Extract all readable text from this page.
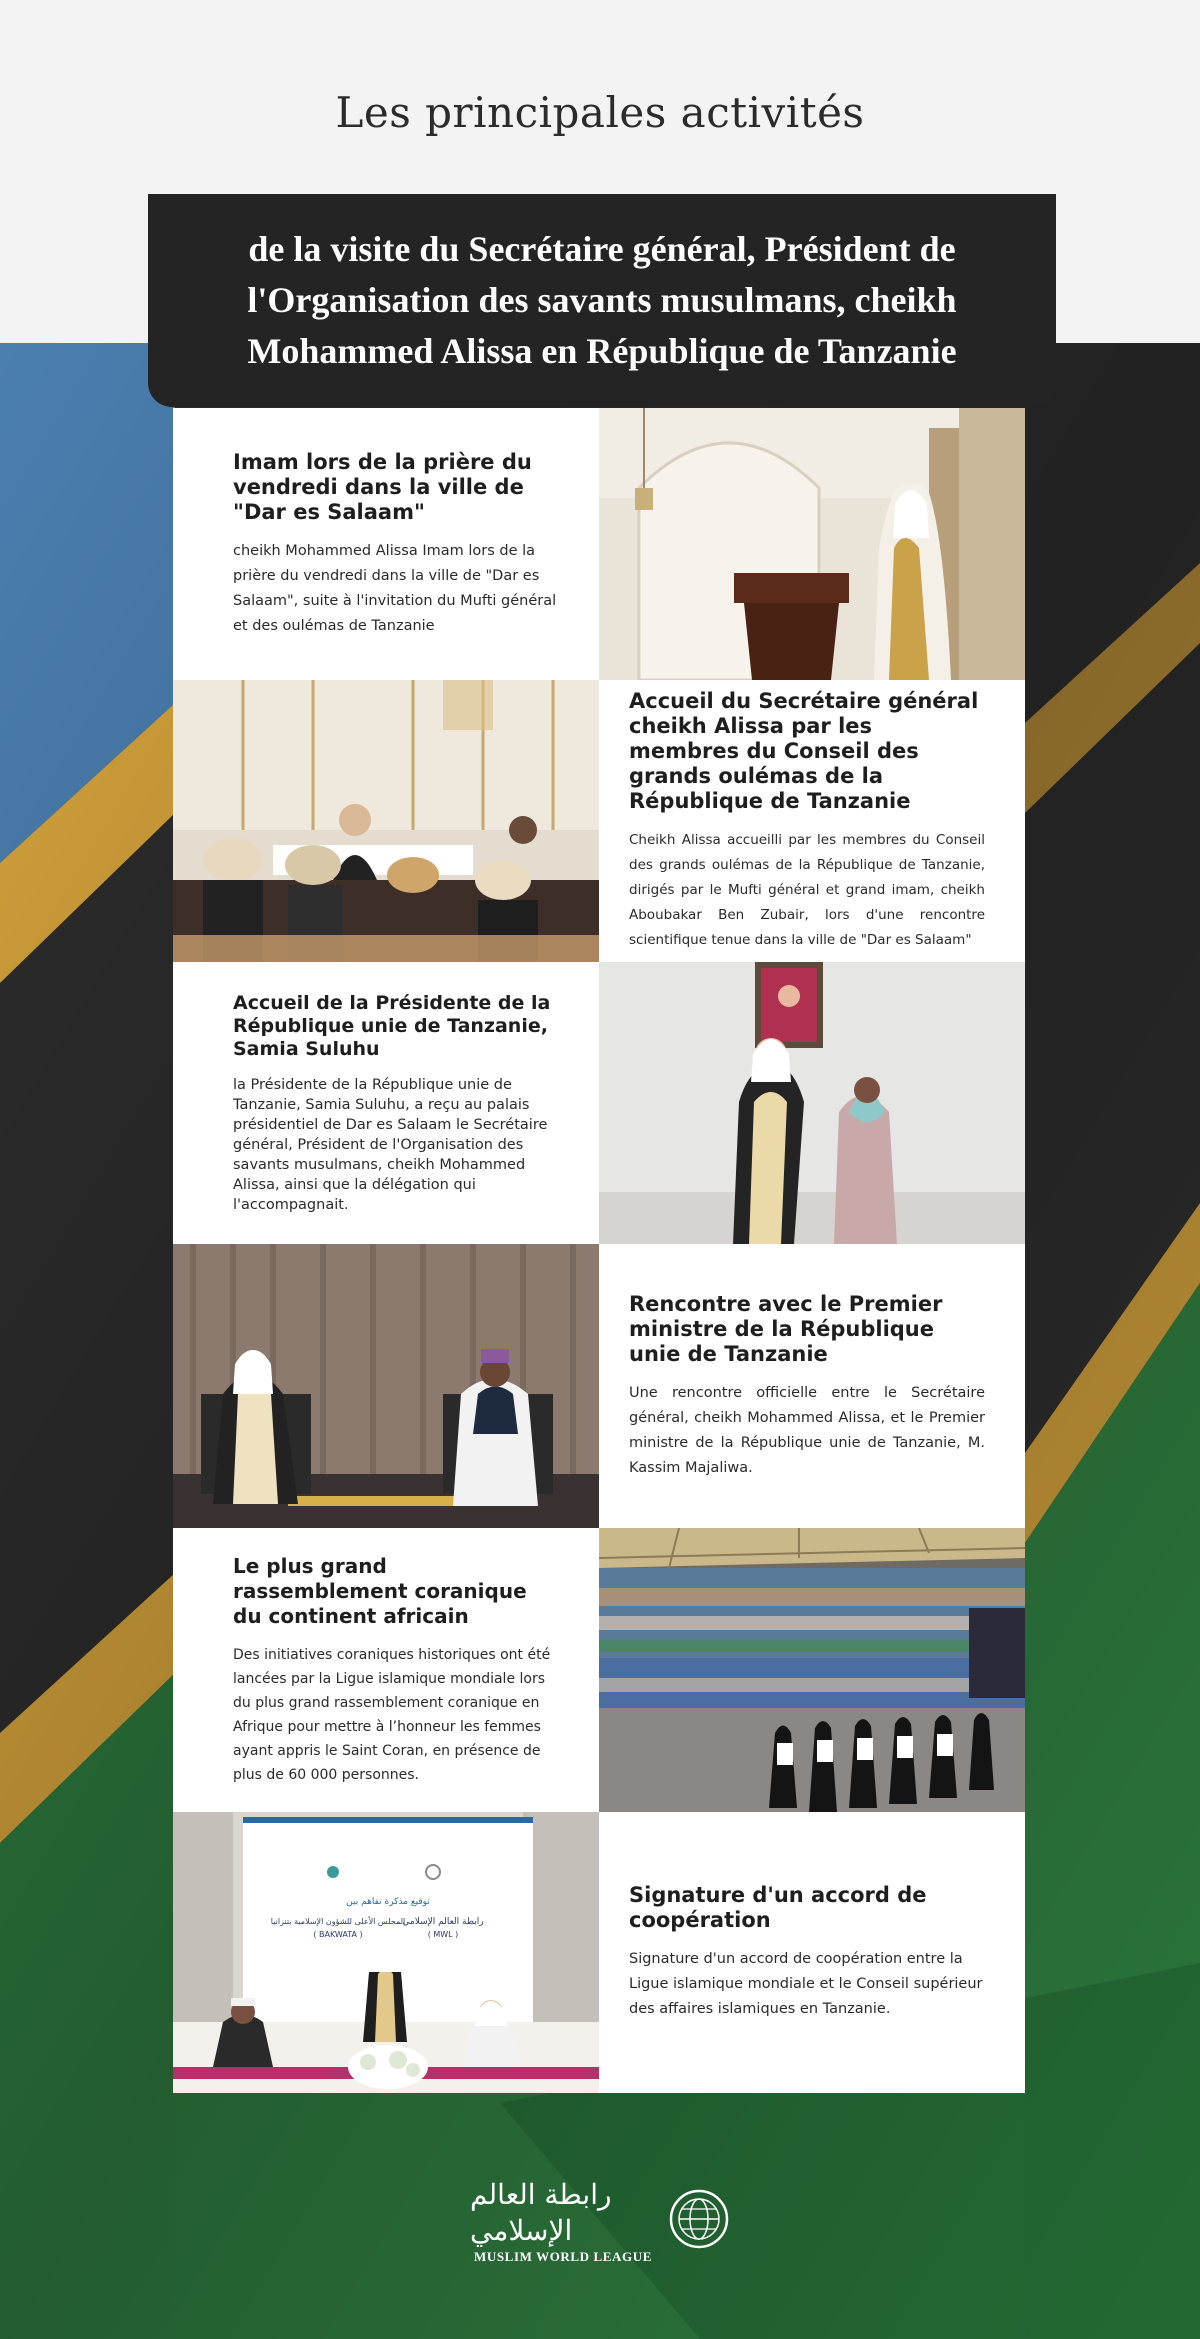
Les principales activités
de la visite du Secrétaire général, Président de l'Organisation des savants musulmans, cheikh Mohammed Alissa en République de Tanzanie
Imam lors de la prière du vendredi dans la ville de "Dar es Salaam"

cheikh Mohammed Alissa Imam lors de la prière du vendredi dans la ville de "Dar es Salaam", suite à l'invitation du Mufti général et des oulémas de Tanzanie

Accueil du Secrétaire général cheikh Alissa par les membres du Conseil des grands oulémas de la République de Tanzanie

Cheikh Alissa accueilli par les membres du Conseil des grands oulémas de la République de Tanzanie, dirigés par le Mufti général et grand imam, cheikh Aboubakar Ben Zubair, lors d'une rencontre scientifique tenue dans la ville de "Dar es Salaam"

Accueil de la Présidente de la République unie de Tanzanie, Samia Suluhu

la Présidente de la République unie de Tanzanie, Samia Suluhu, a reçu au palais présidentiel de Dar es Salaam le Secrétaire général, Président de l'Organisation des savants musulmans, cheikh Mohammed Alissa, ainsi que la délégation qui l'accompagnait.

Rencontre avec le Premier ministre de la République unie de Tanzanie

Une rencontre officielle entre le Secrétaire général, cheikh Mohammed Alissa, et le Premier ministre de la République unie de Tanzanie, M. Kassim Majaliwa.

Le plus grand rassemblement coranique du continent africain

Des initiatives coraniques historiques ont été lancées par la Ligue islamique mondiale lors du plus grand rassemblement coranique en Afrique pour mettre à l’honneur les femmes ayant appris le Saint Coran, en présence de plus de 60 000 personnes.

توقيع مذكرة تفاهم بين
المجلس الأعلى للشؤون الإسلامية بتنزانيا
رابطة العالم الإسلامي
( BAKWATA )	( MWL )
Signature d'un accord de coopération

Signature d'un accord de coopération entre la Ligue islamique mondiale et le Conseil supérieur des affaires islamiques en Tanzanie.

رابطة العالم الإسلامي
MUSLIM WORLD LEAGUE
